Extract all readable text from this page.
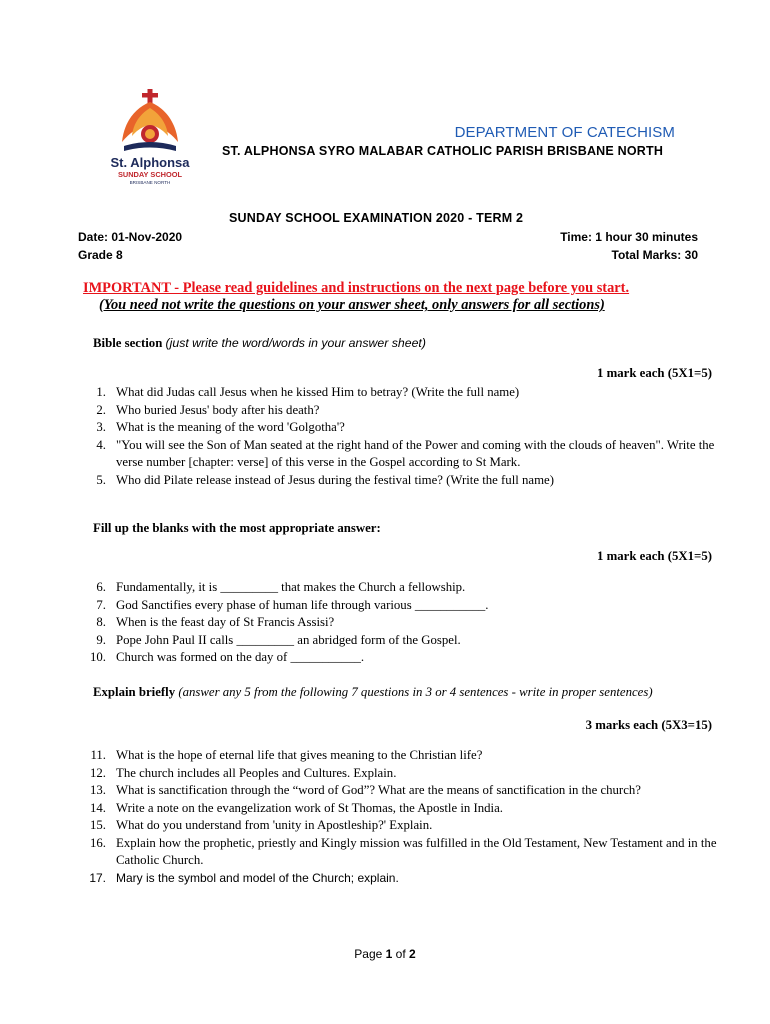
St. Alphonsa
SUNDAY SCHOOL
BRISBANE NORTH
DEPARTMENT OF CATECHISM
ST. ALPHONSA SYRO MALABAR CATHOLIC PARISH BRISBANE NORTH
SUNDAY SCHOOL EXAMINATION 2020 - TERM 2
Date: 01-Nov-2020
Grade 8
Time: 1 hour 30 minutes
Total Marks: 30
IMPORTANT - Please read guidelines and instructions on the next page before you start.
(You need not write the questions on your answer sheet, only answers for all sections)
Bible section (just write the word/words in your answer sheet)
1 mark each (5X1=5)
1. What did Judas call Jesus when he kissed Him to betray? (Write the full name)
2. Who buried Jesus' body after his death?
3. What is the meaning of the word 'Golgotha'?
4. "You will see the Son of Man seated at the right hand of the Power and coming with the clouds of heaven". Write the verse number [chapter: verse] of this verse in the Gospel according to St Mark.
5. Who did Pilate release instead of Jesus during the festival time? (Write the full name)
Fill up the blanks with the most appropriate answer:
1 mark each (5X1=5)
6. Fundamentally, it is _________ that makes the Church a fellowship.
7. God Sanctifies every phase of human life through various ___________.
8. When is the feast day of St Francis Assisi?
9. Pope John Paul II calls _________ an abridged form of the Gospel.
10. Church was formed on the day of ___________.
Explain briefly (answer any 5 from the following 7 questions in 3 or 4 sentences - write in proper sentences)
3 marks each (5X3=15)
11. What is the hope of eternal life that gives meaning to the Christian life?
12. The church includes all Peoples and Cultures. Explain.
13. What is sanctification through the “word of God”? What are the means of sanctification in the church?
14. Write a note on the evangelization work of St Thomas, the Apostle in India.
15. What do you understand from 'unity in Apostleship?' Explain.
16. Explain how the prophetic, priestly and Kingly mission was fulfilled in the Old Testament, New Testament and in the Catholic Church.
17. Mary is the symbol and model of the Church; explain.
Page 1 of 2
